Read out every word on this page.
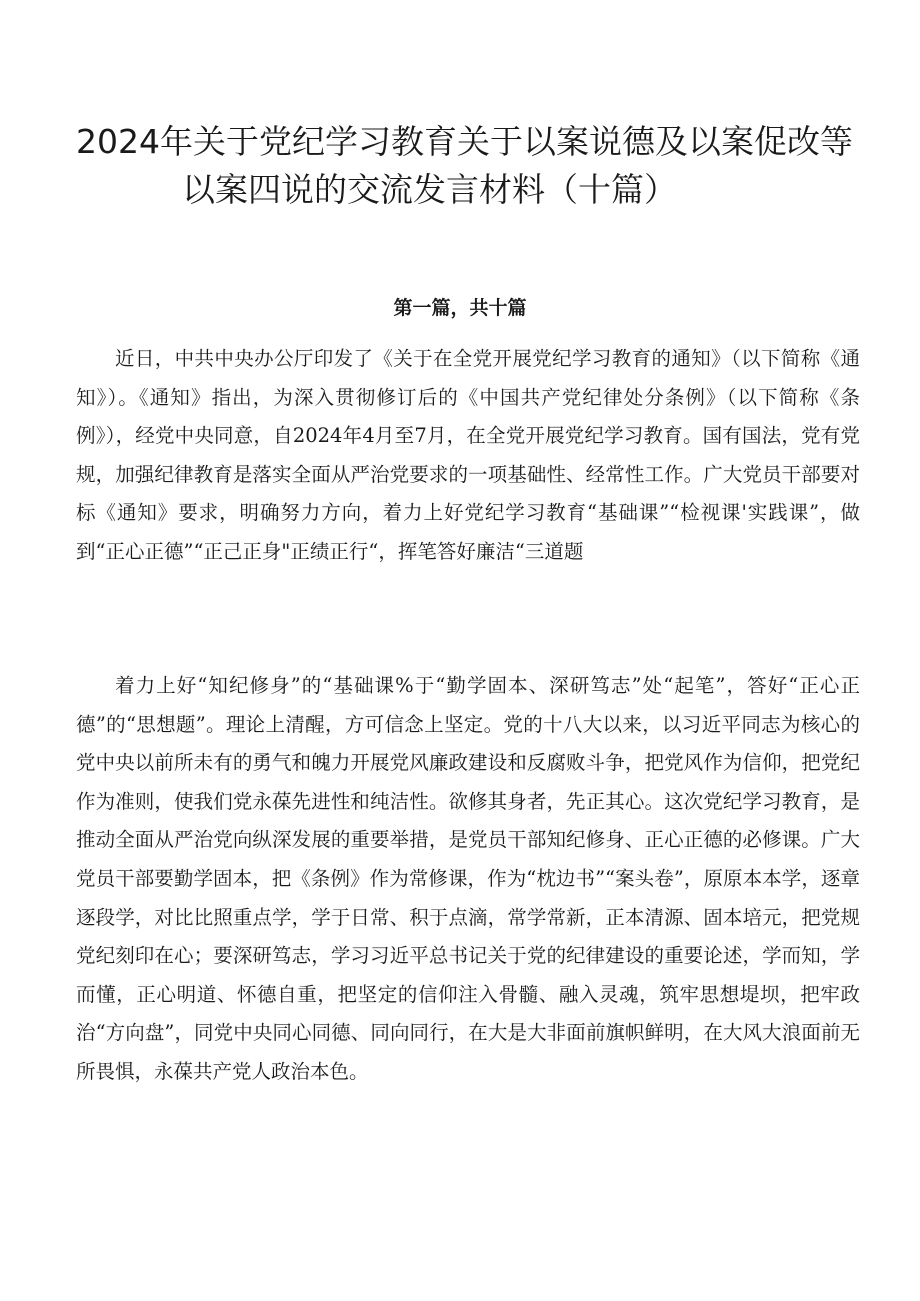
2024年关于党纪学习教育关于以案说德及以案促改等
以案四说的交流发言材料（十篇）

第一篇，共十篇

近日，中共中央办公厅印发了《关于在全党开展党纪学习教育的通知》（以下简称《通知》）。《通知》指出，为深入贯彻修订后的《中国共产党纪律处分条例》（以下简称《条例》），经党中央同意，自2024年4月至7月，在全党开展党纪学习教育。国有国法，党有党规，加强纪律教育是落实全面从严治党要求的一项基础性、经常性工作。广大党员干部要对标《通知》要求，明确努力方向，着力上好党纪学习教育“基础课”“检视课'实践课”，做到“正心正德”“正己正身"正绩正行“，挥笔答好廉洁“三道题

着力上好“知纪修身”的“基础课%于“勤学固本、深研笃志”处“起笔”，答好“正心正德”的“思想题”。理论上清醒，方可信念上坚定。党的十八大以来，以习近平同志为核心的党中央以前所未有的勇气和魄力开展党风廉政建设和反腐败斗争，把党风作为信仰，把党纪作为准则，使我们党永葆先进性和纯洁性。欲修其身者，先正其心。这次党纪学习教育，是推动全面从严治党向纵深发展的重要举措，是党员干部知纪修身、正心正德的必修课。广大党员干部要勤学固本，把《条例》作为常修课，作为“枕边书”“案头卷”，原原本本学，逐章逐段学，对比比照重点学，学于日常、积于点滴，常学常新，正本清源、固本培元，把党规党纪刻印在心；要深研笃志，学习习近平总书记关于党的纪律建设的重要论述，学而知，学而懂，正心明道、怀德自重，把坚定的信仰注入骨髓、融入灵魂，筑牢思想堤坝，把牢政治“方向盘”，同党中央同心同德、同向同行，在大是大非面前旗帜鲜明，在大风大浪面前无所畏惧，永葆共产党人政治本色。
